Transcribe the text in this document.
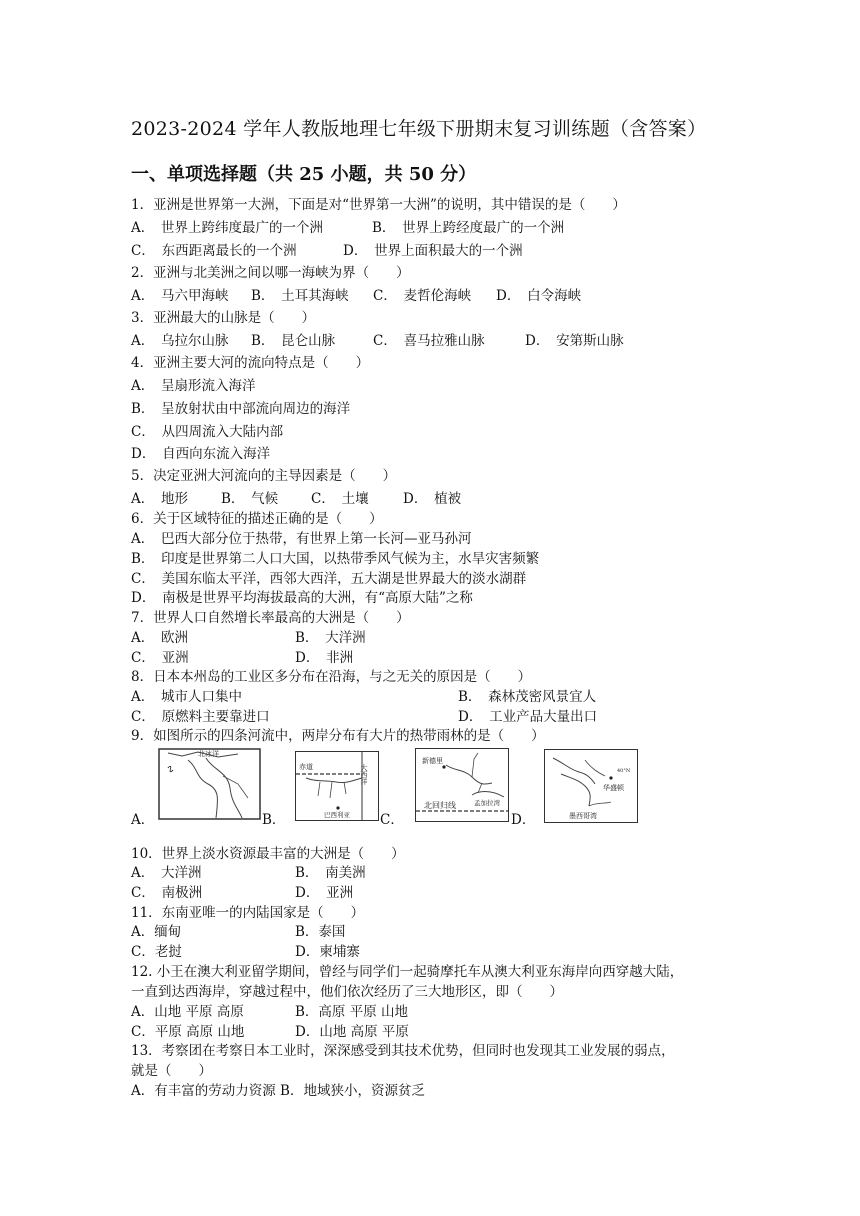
2023-2024 学年人教版地理七年级下册期末复习训练题（含答案）
一、单项选择题（共 25 小题，共 50 分）
1．亚洲是世界第一大洲，下面是对“世界第一大洲”的说明，其中错误的是（　　）
A．　世界上跨纬度最广的一个洲	B．　世界上跨经度最广的一个洲
C．　东西距离最长的一个洲	D．　世界上面积最大的一个洲
2．亚洲与北美洲之间以哪一海峡为界（　　）
A．　马六甲海峡 B．　土耳其海峡 C．　麦哲伦海峡 D．　白令海峡
3．亚洲最大的山脉是（　　）
A．　乌拉尔山脉 B．　昆仑山脉	C．　喜马拉雅山脉	D．　安第斯山脉
4．亚洲主要大河的流向特点是（　　）
A．　呈扇形流入海洋
B．　呈放射状由中部流向周边的海洋
C．　从四周流入大陆内部
D．　自西向东流入海洋
5．决定亚洲大河流向的主导因素是（　　）
A．　地形 B．　气候 C．　土壤	D．　植被
6．关于区域特征的描述正确的是（　　）
A．　巴西大部分位于热带，有世界上第一长河—亚马孙河
B．　印度是世界第二人口大国，以热带季风气候为主，水旱灾害频繁
C．　美国东临太平洋，西邻大西洋，五大湖是世界最大的淡水湖群
D．　南极是世界平均海拔最高的大洲，有“高原大陆”之称
7．世界人口自然增长率最高的大洲是（　　）
A．　欧洲	B．　大洋洲
C．　亚洲	D．　非洲
8．日本本州岛的工业区多分布在沿海，与之无关的原因是（　　）
A．　城市人口集中	B．　森林茂密风景宜人
C．　原燃料主要靠进口	D．　工业产品大量出口
9．如图所示的四条河流中，两岸分布有大片的热带雨林的是（　　）
A．
北冰洋
∿
B．
赤道	大西洋
巴西利亚 C．
新德里
北回归线	孟加拉湾
D．
40°N
华盛顿
墨西哥湾
10．世界上淡水资源最丰富的大洲是（　　）
A．　大洋洲	B．　南美洲
C．　南极洲	D．　亚洲
11．东南亚唯一的内陆国家是（　　）
A．缅甸	B．泰国
C．老挝	D．柬埔寨
12. 小王在澳大利亚留学期间，曾经与同学们一起骑摩托车从澳大利亚东海岸向西穿越大陆，
一直到达西海岸，穿越过程中，他们依次经历了三大地形区，即（　　）
A．山地 平原 高原	B．高原 平原 山地
C．平原 高原 山地	D．山地 高原 平原
13．考察团在考察日本工业时，深深感受到其技术优势，但同时也发现其工业发展的弱点，
就是（　　）
A．有丰富的劳动力资源 B．地域狭小，资源贫乏
